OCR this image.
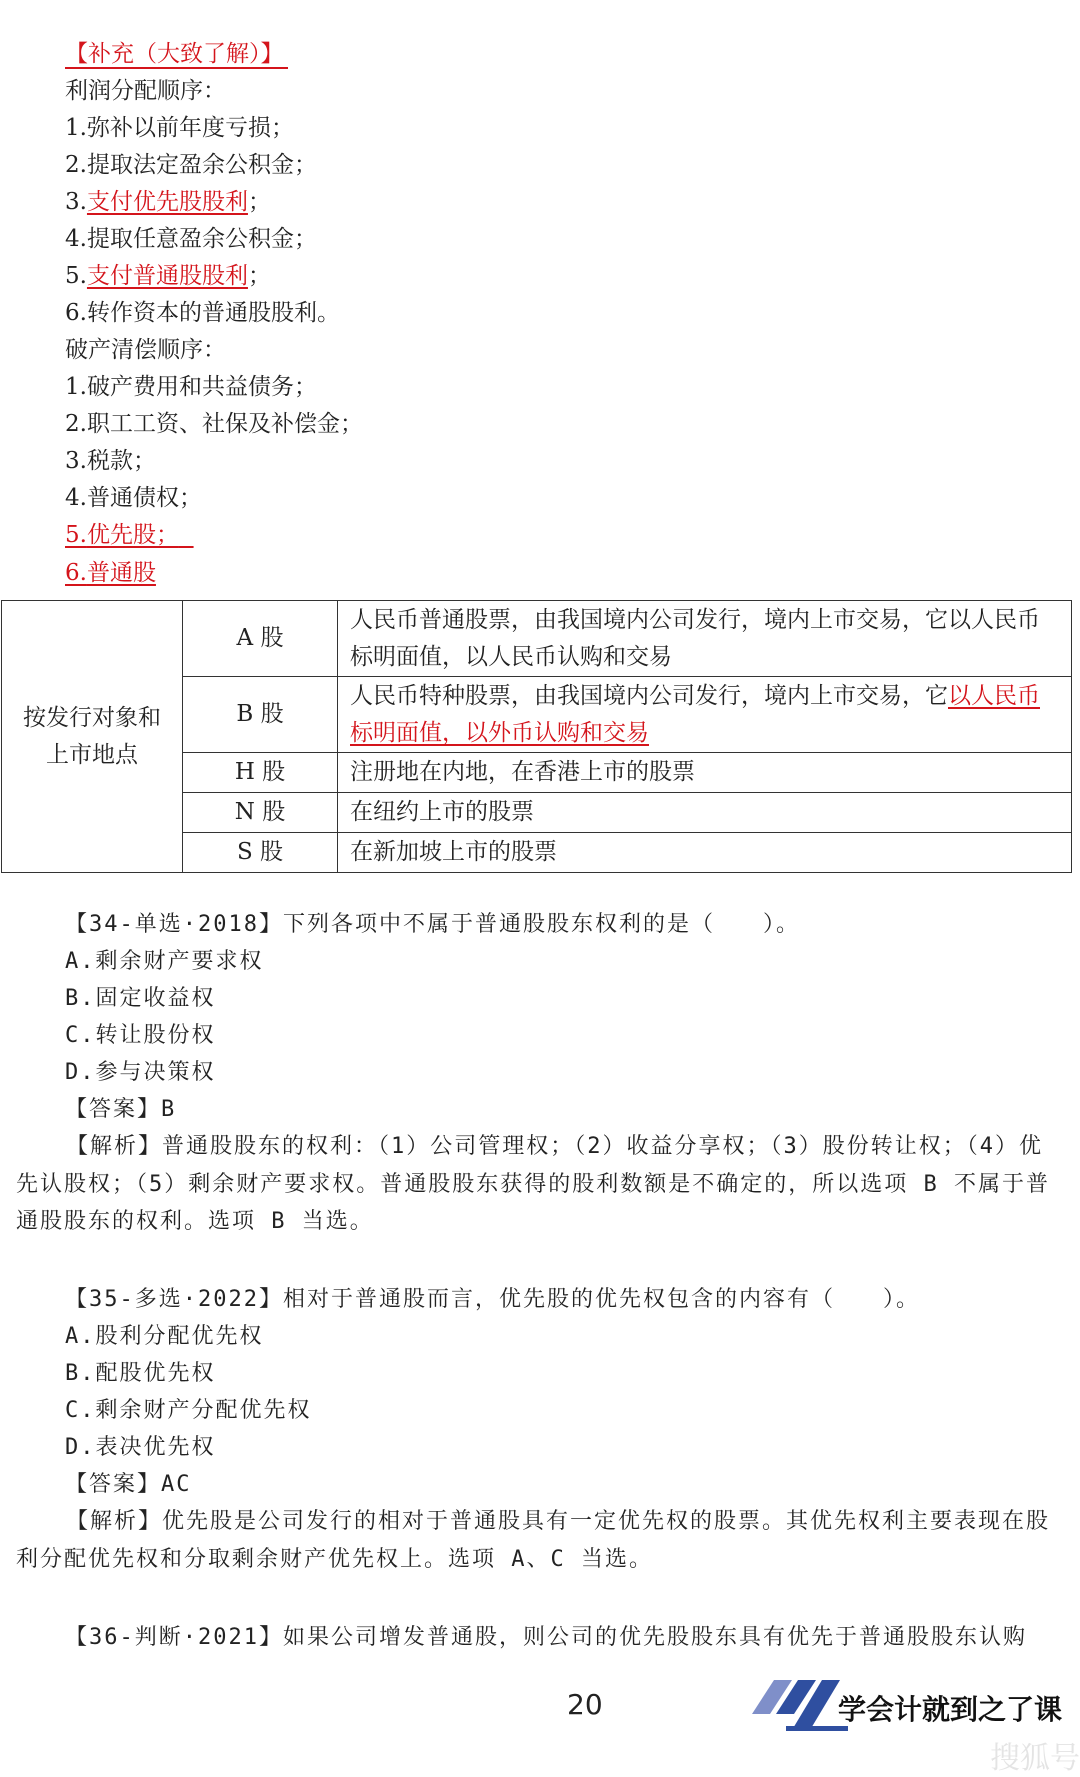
【补充（大致了解）】
利润分配顺序：
1.弥补以前年度亏损；
2.提取法定盈余公积金；
3.支付优先股股利；
4.提取任意盈余公积金；
5.支付普通股股利；
6.转作资本的普通股股利。
破产清偿顺序：
1.破产费用和共益债务；
2.职工工资、社保及补偿金；
3.税款；
4.普通债权；
5.优先股；
6.普通股
按发行对象和上市地点	A 股	人民币普通股票，由我国境内公司发行，境内上市交易，它以人民币标明面值，以人民币认购和交易
	B 股	人民币特种股票，由我国境内公司发行，境内上市交易，它以人民币标明面值，以外币认购和交易
	H 股	注册地在内地，在香港上市的股票
	N 股	在纽约上市的股票
	S 股	在新加坡上市的股票
【34-单选·2018】下列各项中不属于普通股股东权利的是（　　）。
A.剩余财产要求权
B.固定收益权
C.转让股份权
D.参与决策权
【答案】B
【解析】普通股股东的权利：（1）公司管理权；（2）收益分享权；（3）股份转让权；（4）优先认股权；（5）剩余财产要求权。普通股股东获得的股利数额是不确定的，所以选项 B 不属于普通股股东的权利。选项 B 当选。
【35-多选·2022】相对于普通股而言，优先股的优先权包含的内容有（　　）。
A.股利分配优先权
B.配股优先权
C.剩余财产分配优先权
D.表决优先权
【答案】AC
【解析】优先股是公司发行的相对于普通股具有一定优先权的股票。其优先权利主要表现在股利分配优先权和分取剩余财产优先权上。选项 A、C 当选。
【36-判断·2021】如果公司增发普通股，则公司的优先股股东具有优先于普通股股东认购
20	学会计就到之了课
搜狐号
